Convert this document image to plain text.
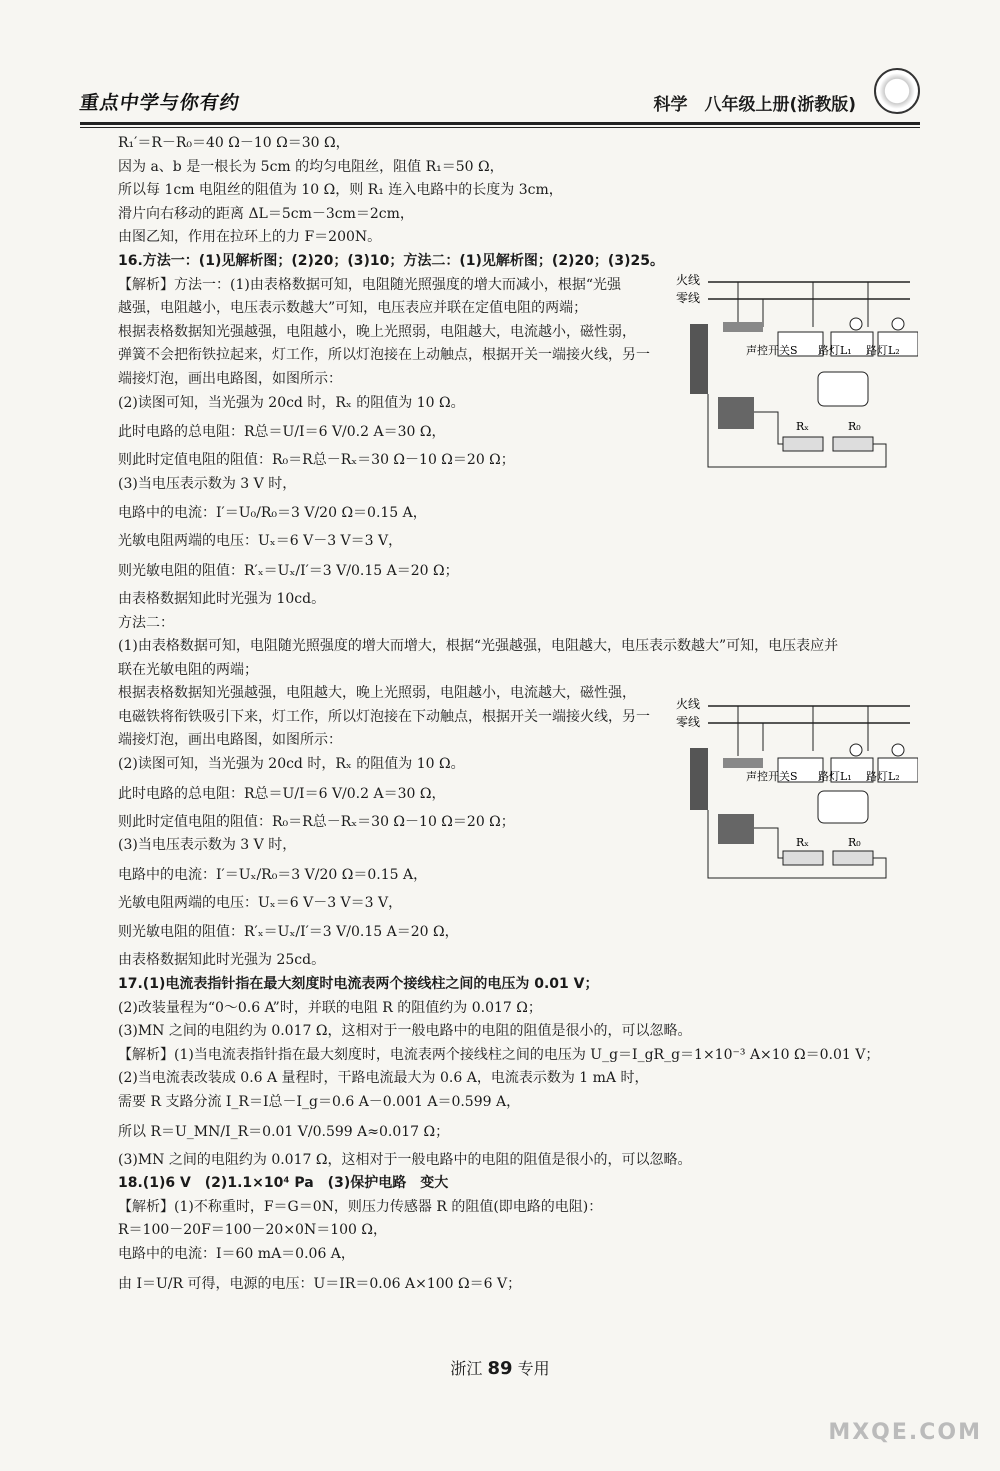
重点中学与你有约	科学　八年级上册(浙教版)
R₁′＝R－R₀＝40 Ω－10 Ω＝30 Ω，
因为 a、b 是一根长为 5cm 的均匀电阻丝，阻值 R₁＝50 Ω，
所以每 1cm 电阻丝的阻值为 10 Ω，则 R₁ 连入电路中的长度为 3cm，
滑片向右移动的距离 ΔL＝5cm－3cm＝2cm，
由图乙知，作用在拉环上的力 F＝200N。
16.方法一：(1)见解析图；(2)20；(3)10；方法二：(1)见解析图；(2)20；(3)25。
【解析】方法一：(1)由表格数据可知，电阻随光照强度的增大而减小，根据“光强
越强，电阻越小，电压表示数越大”可知，电压表应并联在定值电阻的两端；
根据表格数据知光强越强，电阻越小，晚上光照弱，电阻越大，电流越小，磁性弱，
弹簧不会把衔铁拉起来，灯工作，所以灯泡接在上动触点，根据开关一端接火线，另一
端接灯泡，画出电路图，如图所示：
(2)读图可知，当光强为 20cd 时，Rₓ 的阻值为 10 Ω。
此时电路的总电阻：R总＝U/I＝6 V/0.2 A＝30 Ω，
则此时定值电阻的阻值：R₀＝R总－Rₓ＝30 Ω－10 Ω＝20 Ω；
(3)当电压表示数为 3 V 时，
电路中的电流：I′＝U₀/R₀＝3 V/20 Ω＝0.15 A，
光敏电阻两端的电压：Uₓ＝6 V－3 V＝3 V，
则光敏电阻的阻值：R′ₓ＝Uₓ/I′＝3 V/0.15 A＝20 Ω；
由表格数据知此时光强为 10cd。
方法二：
(1)由表格数据可知，电阻随光照强度的增大而增大，根据“光强越强，电阻越大，电压表示数越大”可知，电压表应并
联在光敏电阻的两端；
根据表格数据知光强越强，电阻越大，晚上光照弱，电阻越小，电流越大，磁性强，
电磁铁将衔铁吸引下来，灯工作，所以灯泡接在下动触点，根据开关一端接火线，另一
端接灯泡，画出电路图，如图所示：
(2)读图可知，当光强为 20cd 时，Rₓ 的阻值为 10 Ω。
此时电路的总电阻：R总＝U/I＝6 V/0.2 A＝30 Ω，
则此时定值电阻的阻值：R₀＝R总－Rₓ＝30 Ω－10 Ω＝20 Ω；
(3)当电压表示数为 3 V 时，
电路中的电流：I′＝Uₓ/R₀＝3 V/20 Ω＝0.15 A，
光敏电阻两端的电压：Uₓ＝6 V－3 V＝3 V，
则光敏电阻的阻值：R′ₓ＝Uₓ/I′＝3 V/0.15 A＝20 Ω，
由表格数据知此时光强为 25cd。
17.(1)电流表指针指在最大刻度时电流表两个接线柱之间的电压为 0.01 V；
(2)改装量程为“0～0.6 A”时，并联的电阻 R 的阻值约为 0.017 Ω；
(3)MN 之间的电阻约为 0.017 Ω，这相对于一般电路中的电阻的阻值是很小的，可以忽略。
【解析】(1)当电流表指针指在最大刻度时，电流表两个接线柱之间的电压为 U_g＝I_gR_g＝1×10⁻³ A×10 Ω＝0.01 V；
(2)当电流表改装成 0.6 A 量程时，干路电流最大为 0.6 A，电流表示数为 1 mA 时，
需要 R 支路分流 I_R＝I总－I_g＝0.6 A－0.001 A＝0.599 A，
所以 R＝U_MN/I_R＝0.01 V/0.599 A≈0.017 Ω；
(3)MN 之间的电阻约为 0.017 Ω，这相对于一般电路中的电阻的阻值是很小的，可以忽略。
18.(1)6 V　(2)1.1×10⁴ Pa　(3)保护电路　变大
【解析】(1)不称重时，F＝G＝0N，则压力传感器 R 的阻值(即电路的电阻)：
R＝100－20F＝100－20×0N＝100 Ω，
电路中的电流：I＝60 mA＝0.06 A，
由 I＝U/R 可得，电源的电压：U＝IR＝0.06 A×100 Ω＝6 V；
火线
零线
声控开关S 路灯L₁ 路灯L₂
Rₓ	R₀
火线
零线
声控开关S 路灯L₁ 路灯L₂
Rₓ	R₀
浙江 89 专用
MXQE.COM
